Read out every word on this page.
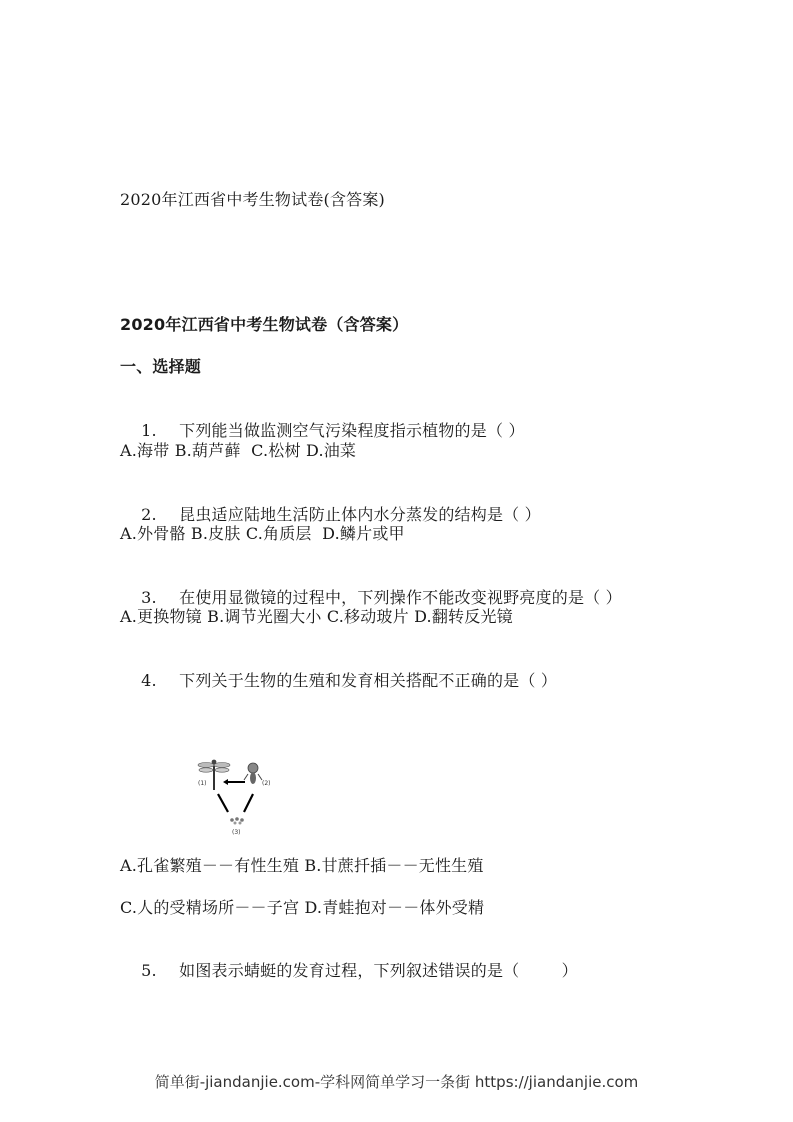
2020年江西省中考生物试卷(含答案)
2020年江西省中考生物试卷（含答案）
一、选择题

1. 下列能当做监测空气污染程度指示植物的是（ ）

A.海带 B.葫芦藓  C.松树 D.油菜

2. 昆虫适应陆地生活防止体内水分蒸发的结构是（ ）

A.外骨骼 B.皮肤 C.角质层  D.鳞片或甲

3. 在使用显微镜的过程中，下列操作不能改变视野亮度的是（ ）

A.更换物镜 B.调节光圈大小 C.移动玻片 D.翻转反光镜

4. 下列关于生物的生殖和发育相关搭配不正确的是（ ）

(1)	(2)
(3)
A.孔雀繁殖－－有性生殖 B.甘蔗扦插－－无性生殖
C.人的受精场所－－子宫 D.青蛙抱对－－体外受精

5. 如图表示蜻蜓的发育过程，下列叙述错误的是（        ）

简单街-jiandanjie.com-学科网简单学习一条街 https://jiandanjie.com
